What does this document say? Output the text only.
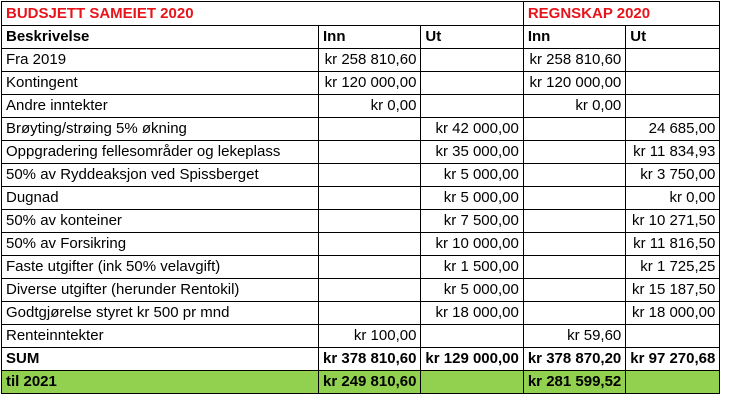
BUDSJETT SAMEIET 2020			REGNSKAP 2020	
Beskrivelse	Inn	Ut	Inn	Ut
Fra 2019	kr 258 810,60		kr 258 810,60	
Kontingent	kr 120 000,00		kr 120 000,00	
Andre inntekter	kr 0,00		kr 0,00	
Brøyting/strøing 5% økning		kr 42 000,00		24 685,00
Oppgradering fellesområder og lekeplass		kr 35 000,00		kr 11 834,93
50% av Ryddeaksjon ved Spissberget		kr 5 000,00		kr 3 750,00
Dugnad		kr 5 000,00		kr 0,00
50% av konteiner		kr 7 500,00		kr 10 271,50
50% av Forsikring		kr 10 000,00		kr 11 816,50
Faste utgifter (ink 50% velavgift)		kr 1 500,00		kr 1 725,25
Diverse utgifter (herunder Rentokil)		kr 5 000,00		kr 15 187,50
Godtgjørelse styret kr 500 pr mnd		kr 18 000,00		kr 18 000,00
Renteinntekter	kr 100,00		kr 59,60	
SUM	kr 378 810,60	kr 129 000,00	kr 378 870,20	kr 97 270,68
til 2021	kr 249 810,60		kr 281 599,52	
